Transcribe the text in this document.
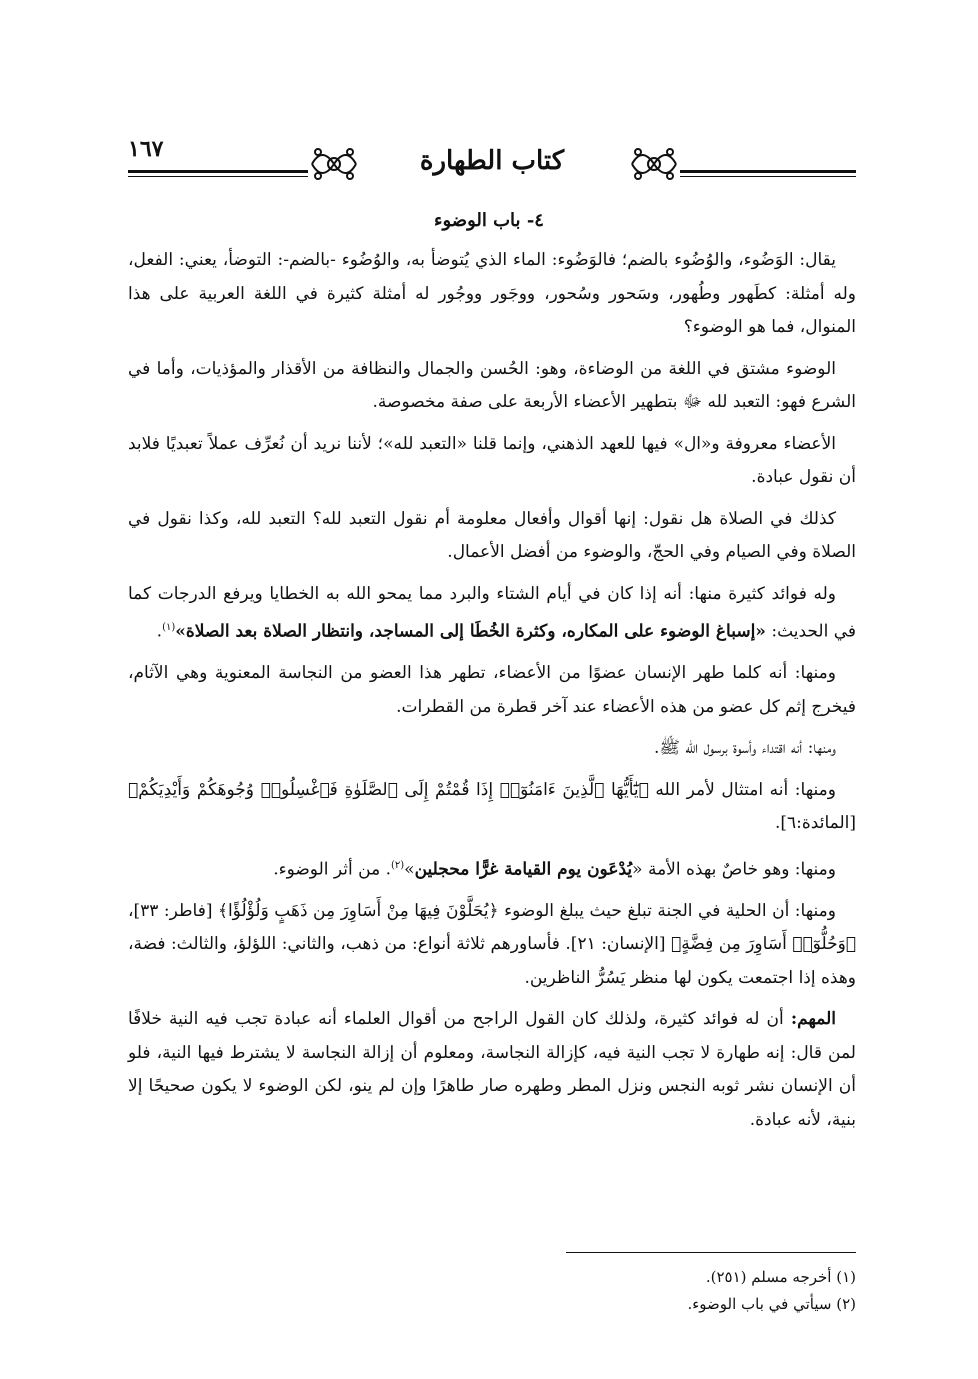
١٦٧	كتاب الطهارة
٤- باب الوضوء

يقال: الوَضُوء، والوُضُوء بالضم؛ فالوَضُوء: الماء الذي يُتوضأ به، والوُضُوء -بالضم-: التوضأ، يعني: الفعل، وله أمثلة: كطَهور وطُهور، وسَحور وسُحور، ووجَور ووجُور له أمثلة كثيرة في اللغة العربية على هذا المنوال، فما هو الوضوء؟

الوضوء مشتق في اللغة من الوضاءة، وهو: الحُسن والجمال والنظافة من الأقذار والمؤذيات، وأما في الشرع فهو: التعبد لله ﷻ بتطهير الأعضاء الأربعة على صفة مخصوصة.

الأعضاء معروفة و«ال» فيها للعهد الذهني، وإنما قلنا «التعبد لله»؛ لأننا نريد أن نُعرِّف عملاً تعبديًا فلابد أن نقول عبادة.

كذلك في الصلاة هل نقول: إنها أقوال وأفعال معلومة أم نقول التعبد لله؟ التعبد لله، وكذا نقول في الصلاة وفي الصيام وفي الحجّ، والوضوء من أفضل الأعمال.

وله فوائد كثيرة منها: أنه إذا كان في أيام الشتاء والبرد مما يمحو الله به الخطايا ويرفع الدرجات كما في الحديث: «إسباغ الوضوء على المكاره، وكثرة الخُطَا إلى المساجد، وانتظار الصلاة بعد الصلاة»$^{(١)}$.

ومنها: أنه كلما طهر الإنسان عضوًا من الأعضاء، تطهر هذا العضو من النجاسة المعنوية وهي الآثام، فيخرج إثم كل عضو من هذه الأعضاء عند آخر قطرة من القطرات.

ومنها: أنه اقتداء وأسوة برسول الله ﷺ.

ومنها: أنه امتثال لأمر الله ﴿يَٰٓأَيُّهَا ٱلَّذِينَ ءَامَنُوٓا۟ إِذَا قُمْتُمْ إِلَى ٱلصَّلَوٰةِ فَٱغْسِلُوا۟ وُجُوهَكُمْ وَأَيْدِيَكُمْ﴾ [المائدة:٦].

ومنها: وهو خاصٌ بهذه الأمة «يُدْعَون يوم القيامة غرًّا محجلين»$^{(٢)}$. من أثر الوضوء.

ومنها: أن الحلية في الجنة تبلغ حيث يبلغ الوضوء ﴿يُحَلَّوْنَ فِيهَا مِنْ أَسَاوِرَ مِن ذَهَبٍ وَلُؤْلُؤًا﴾ [فاطر: ٣٣]، ﴿وَحُلُّوٓا۟ أَسَاوِرَ مِن فِضَّةٍ﴾ [الإنسان: ٢١]. فأساورهم ثلاثة أنواع: من ذهب، والثاني: اللؤلؤ، والثالث: فضة، وهذه إذا اجتمعت يكون لها منظر يَسُرُّ الناظرين.

المهم: أن له فوائد كثيرة، ولذلك كان القول الراجح من أقوال العلماء أنه عبادة تجب فيه النية خلافًا لمن قال: إنه طهارة لا تجب النية فيه، كإزالة النجاسة، ومعلوم أن إزالة النجاسة لا يشترط فيها النية، فلو أن الإنسان نشر ثوبه النجس ونزل المطر وطهره صار طاهرًا وإن لم ينو، لكن الوضوء لا يكون صحيحًا إلا بنية، لأنه عبادة.

(١) أخرجه مسلم (٢٥١).

(٢) سيأتي في باب الوضوء.
